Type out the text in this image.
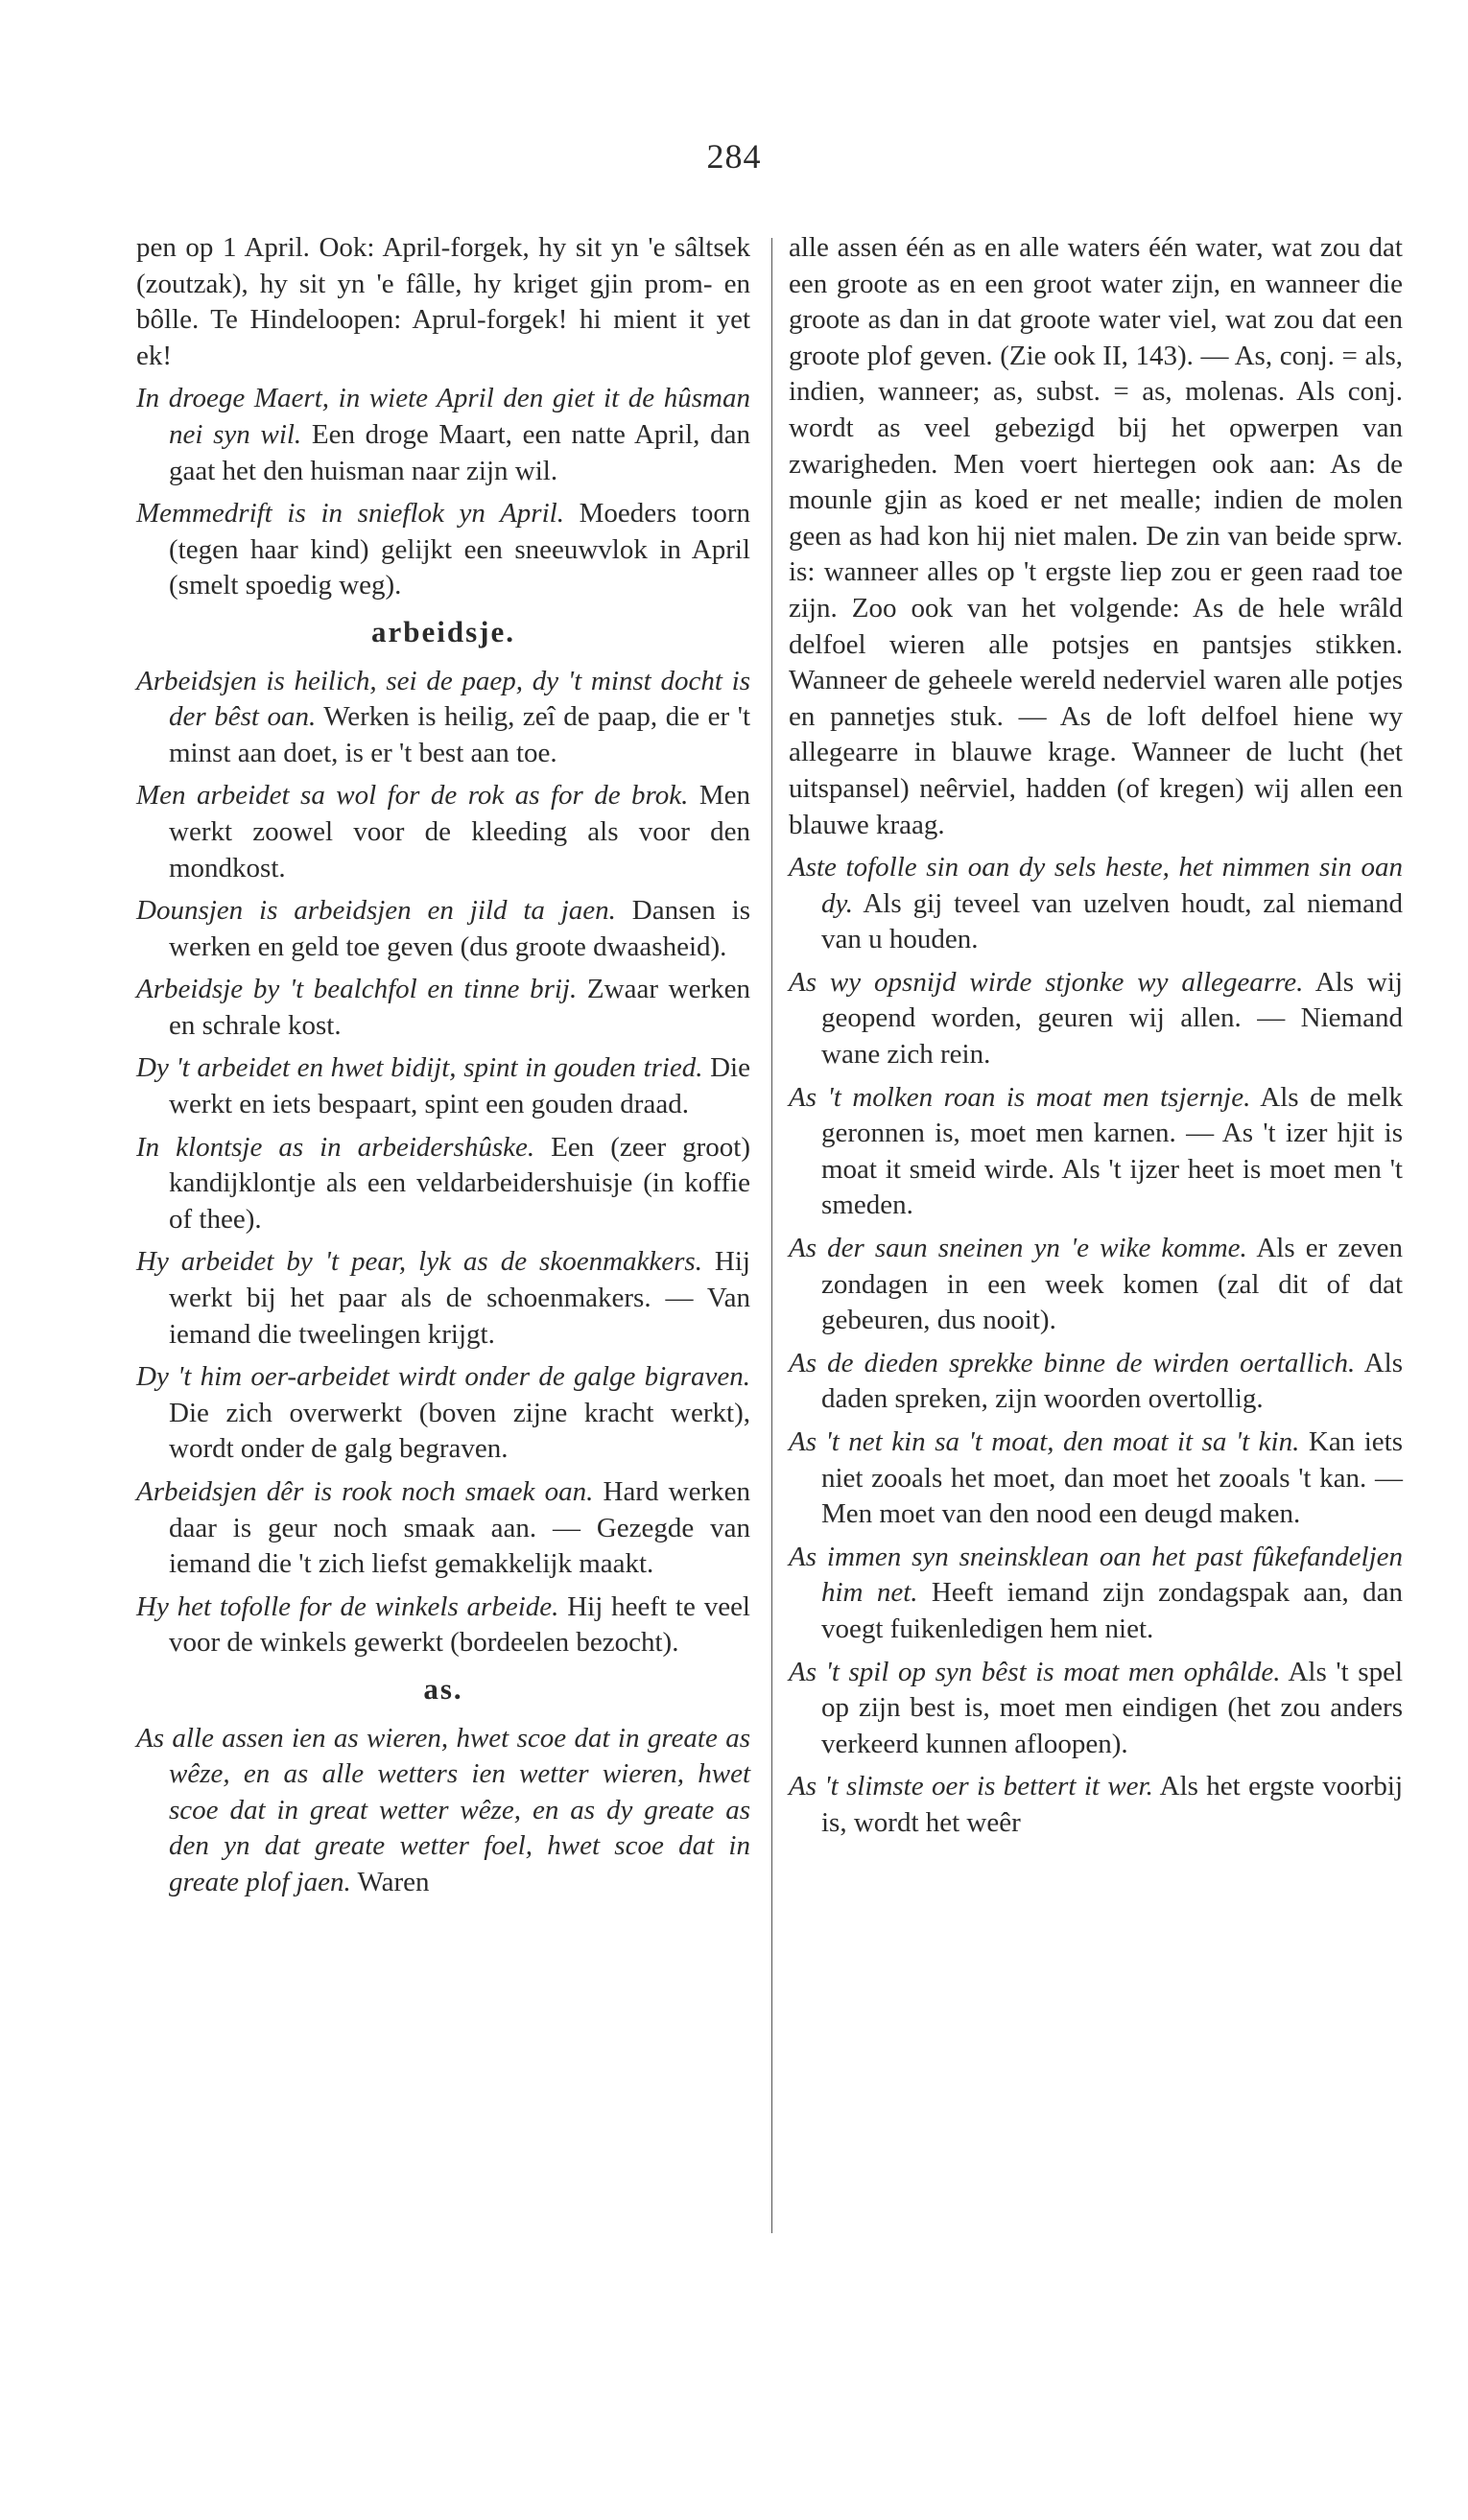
284

pen op 1 April. Ook: April-forgek, hy sit yn 'e sâltsek (zoutzak), hy sit yn 'e fâlle, hy kriget gjin prom- en bôlle. Te Hindeloopen: Aprul-forgek! hi mient it yet ek!

In droege Maert, in wiete April den giet it de hûsman nei syn wil. Een droge Maart, een natte April, dan gaat het den huisman naar zijn wil.

Memmedrift is in snieflok yn April. Moeders toorn (tegen haar kind) gelijkt een sneeuwvlok in April (smelt spoedig weg).

arbeidsje.

Arbeidsjen is heilich, sei de paep, dy 't minst docht is der bêst oan. Werken is heilig, zeî de paap, die er 't minst aan doet, is er 't best aan toe.

Men arbeidet sa wol for de rok as for de brok. Men werkt zoowel voor de kleeding als voor den mondkost.

Dounsjen is arbeidsjen en jild ta jaen. Dansen is werken en geld toe geven (dus groote dwaasheid).

Arbeidsje by 't bealchfol en tinne brij. Zwaar werken en schrale kost.

Dy 't arbeidet en hwet bidijt, spint in gouden tried. Die werkt en iets bespaart, spint een gouden draad.

In klontsje as in arbeidershûske. Een (zeer groot) kandijklontje als een veldarbeidershuisje (in koffie of thee).

Hy arbeidet by 't pear, lyk as de skoenmakkers. Hij werkt bij het paar als de schoenmakers. — Van iemand die tweelingen krijgt.

Dy 't him oer-arbeidet wirdt onder de galge bigraven. Die zich overwerkt (boven zijne kracht werkt), wordt onder de galg begraven.

Arbeidsjen dêr is rook noch smaek oan. Hard werken daar is geur noch smaak aan. — Gezegde van iemand die 't zich liefst gemakkelijk maakt.

Hy het tofolle for de winkels arbeide. Hij heeft te veel voor de winkels gewerkt (bordeelen bezocht).

as.

As alle assen ien as wieren, hwet scoe dat in greate as wêze, en as alle wetters ien wetter wieren, hwet scoe dat in great wetter wêze, en as dy greate as den yn dat greate wetter foel, hwet scoe dat in greate plof jaen. Waren

alle assen één as en alle waters één water, wat zou dat een groote as en een groot water zijn, en wanneer die groote as dan in dat groote water viel, wat zou dat een groote plof geven. (Zie ook II, 143). — As, conj. = als, indien, wanneer; as, subst. = as, molenas. Als conj. wordt as veel gebezigd bij het opwerpen van zwarigheden. Men voert hiertegen ook aan: As de mounle gjin as koed er net mealle; indien de molen geen as had kon hij niet malen. De zin van beide sprw. is: wanneer alles op 't ergste liep zou er geen raad toe zijn. Zoo ook van het volgende: As de hele wrâld delfoel wieren alle potsjes en pantsjes stikken. Wanneer de geheele wereld nederviel waren alle potjes en pannetjes stuk. — As de loft delfoel hiene wy allegearre in blauwe krage. Wanneer de lucht (het uitspansel) neêrviel, hadden (of kregen) wij allen een blauwe kraag.

Aste tofolle sin oan dy sels heste, het nimmen sin oan dy. Als gij teveel van uzelven houdt, zal niemand van u houden.

As wy opsnijd wirde stjonke wy allegearre. Als wij geopend worden, geuren wij allen. — Niemand wane zich rein.

As 't molken roan is moat men tsjernje. Als de melk geronnen is, moet men karnen. — As 't izer hjit is moat it smeid wirde. Als 't ijzer heet is moet men 't smeden.

As der saun sneinen yn 'e wike komme. Als er zeven zondagen in een week komen (zal dit of dat gebeuren, dus nooit).

As de dieden sprekke binne de wirden oertallich. Als daden spreken, zijn woorden overtollig.

As 't net kin sa 't moat, den moat it sa 't kin. Kan iets niet zooals het moet, dan moet het zooals 't kan. — Men moet van den nood een deugd maken.

As immen syn sneinsklean oan het past fûkefandeljen him net. Heeft iemand zijn zondagspak aan, dan voegt fuikenledigen hem niet.

As 't spil op syn bêst is moat men ophâlde. Als 't spel op zijn best is, moet men eindigen (het zou anders verkeerd kunnen afloopen).

As 't slimste oer is bettert it wer. Als het ergste voorbij is, wordt het weêr
